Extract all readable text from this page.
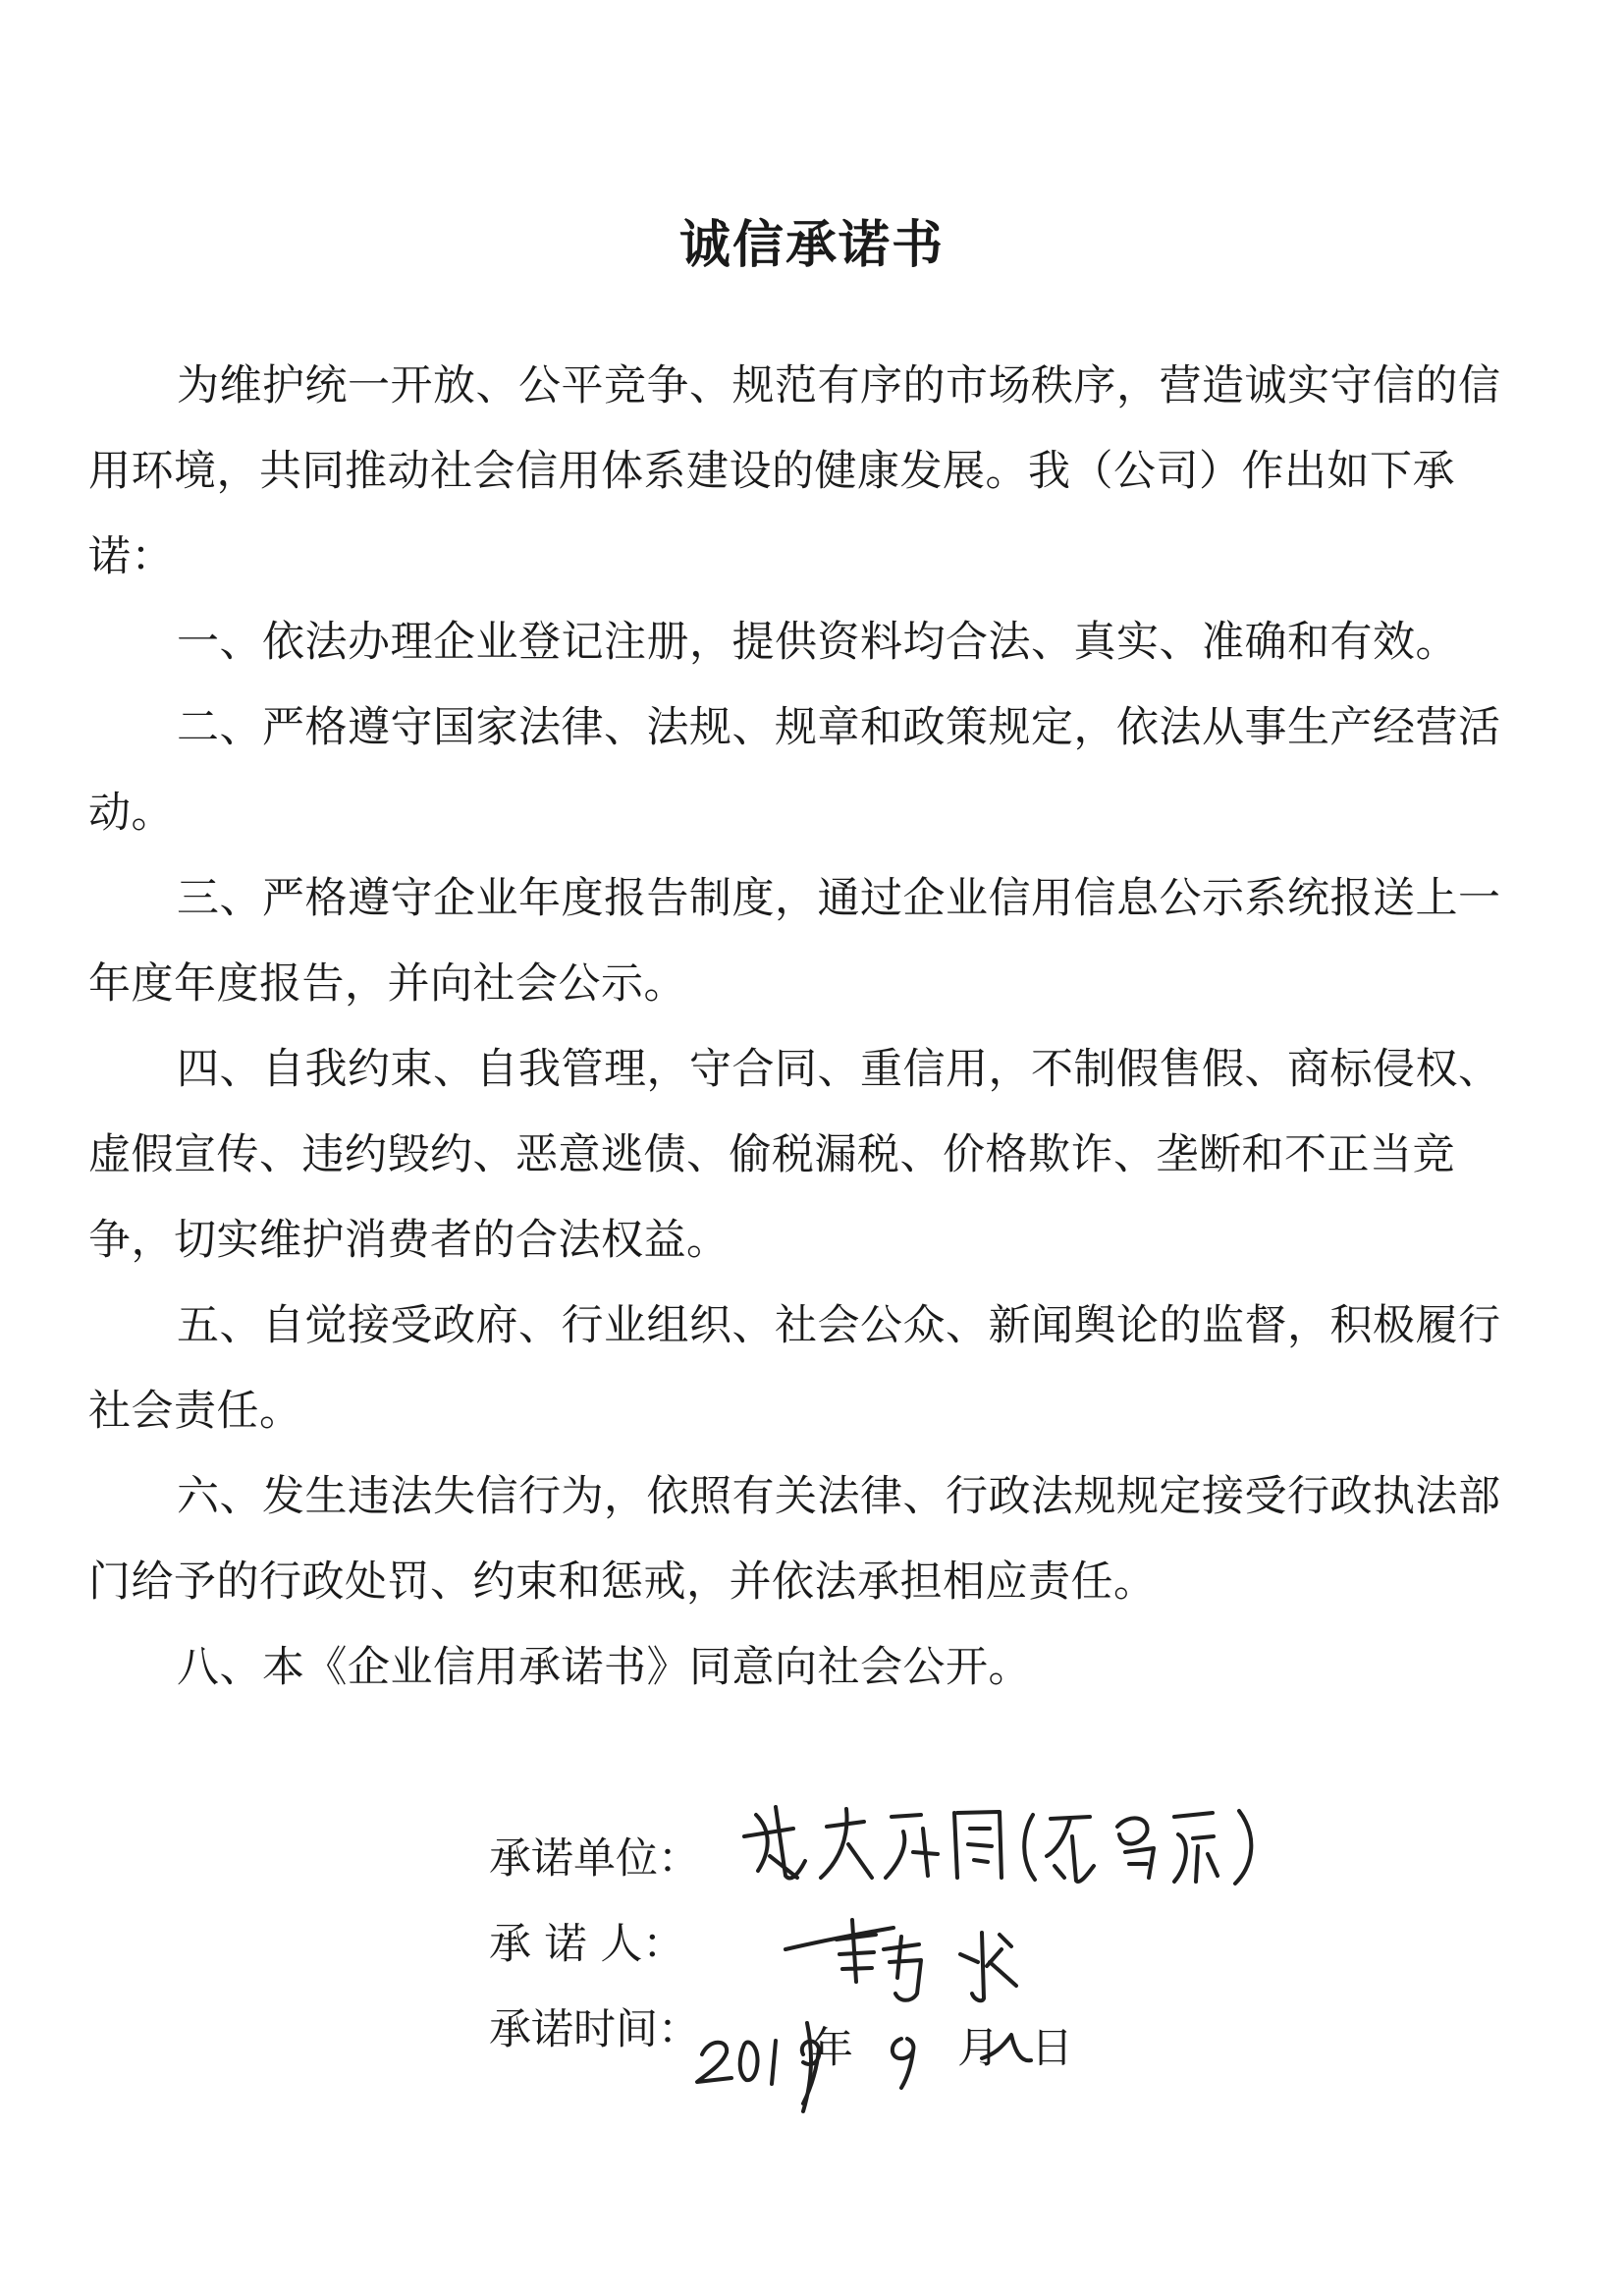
诚信承诺书

为维护统一开放、公平竞争、规范有序的市场秩序，营造诚实守信的信用环境，共同推动社会信用体系建设的健康发展。我（公司）作出如下承诺：

一、依法办理企业登记注册，提供资料均合法、真实、准确和有效。

二、严格遵守国家法律、法规、规章和政策规定，依法从事生产经营活动。

三、严格遵守企业年度报告制度，通过企业信用信息公示系统报送上一年度年度报告，并向社会公示。

四、自我约束、自我管理，守合同、重信用，不制假售假、商标侵权、虚假宣传、违约毁约、恶意逃债、偷税漏税、价格欺诈、垄断和不正当竞争，切实维护消费者的合法权益。

五、自觉接受政府、行业组织、社会公众、新闻舆论的监督，积极履行社会责任。

六、发生违法失信行为，依照有关法律、行政法规规定接受行政执法部门给予的行政处罚、约束和惩戒，并依法承担相应责任。

八、本《企业信用承诺书》同意向社会公开。

承诺单位：
承 诺 人：
承诺时间：	年 月 日
